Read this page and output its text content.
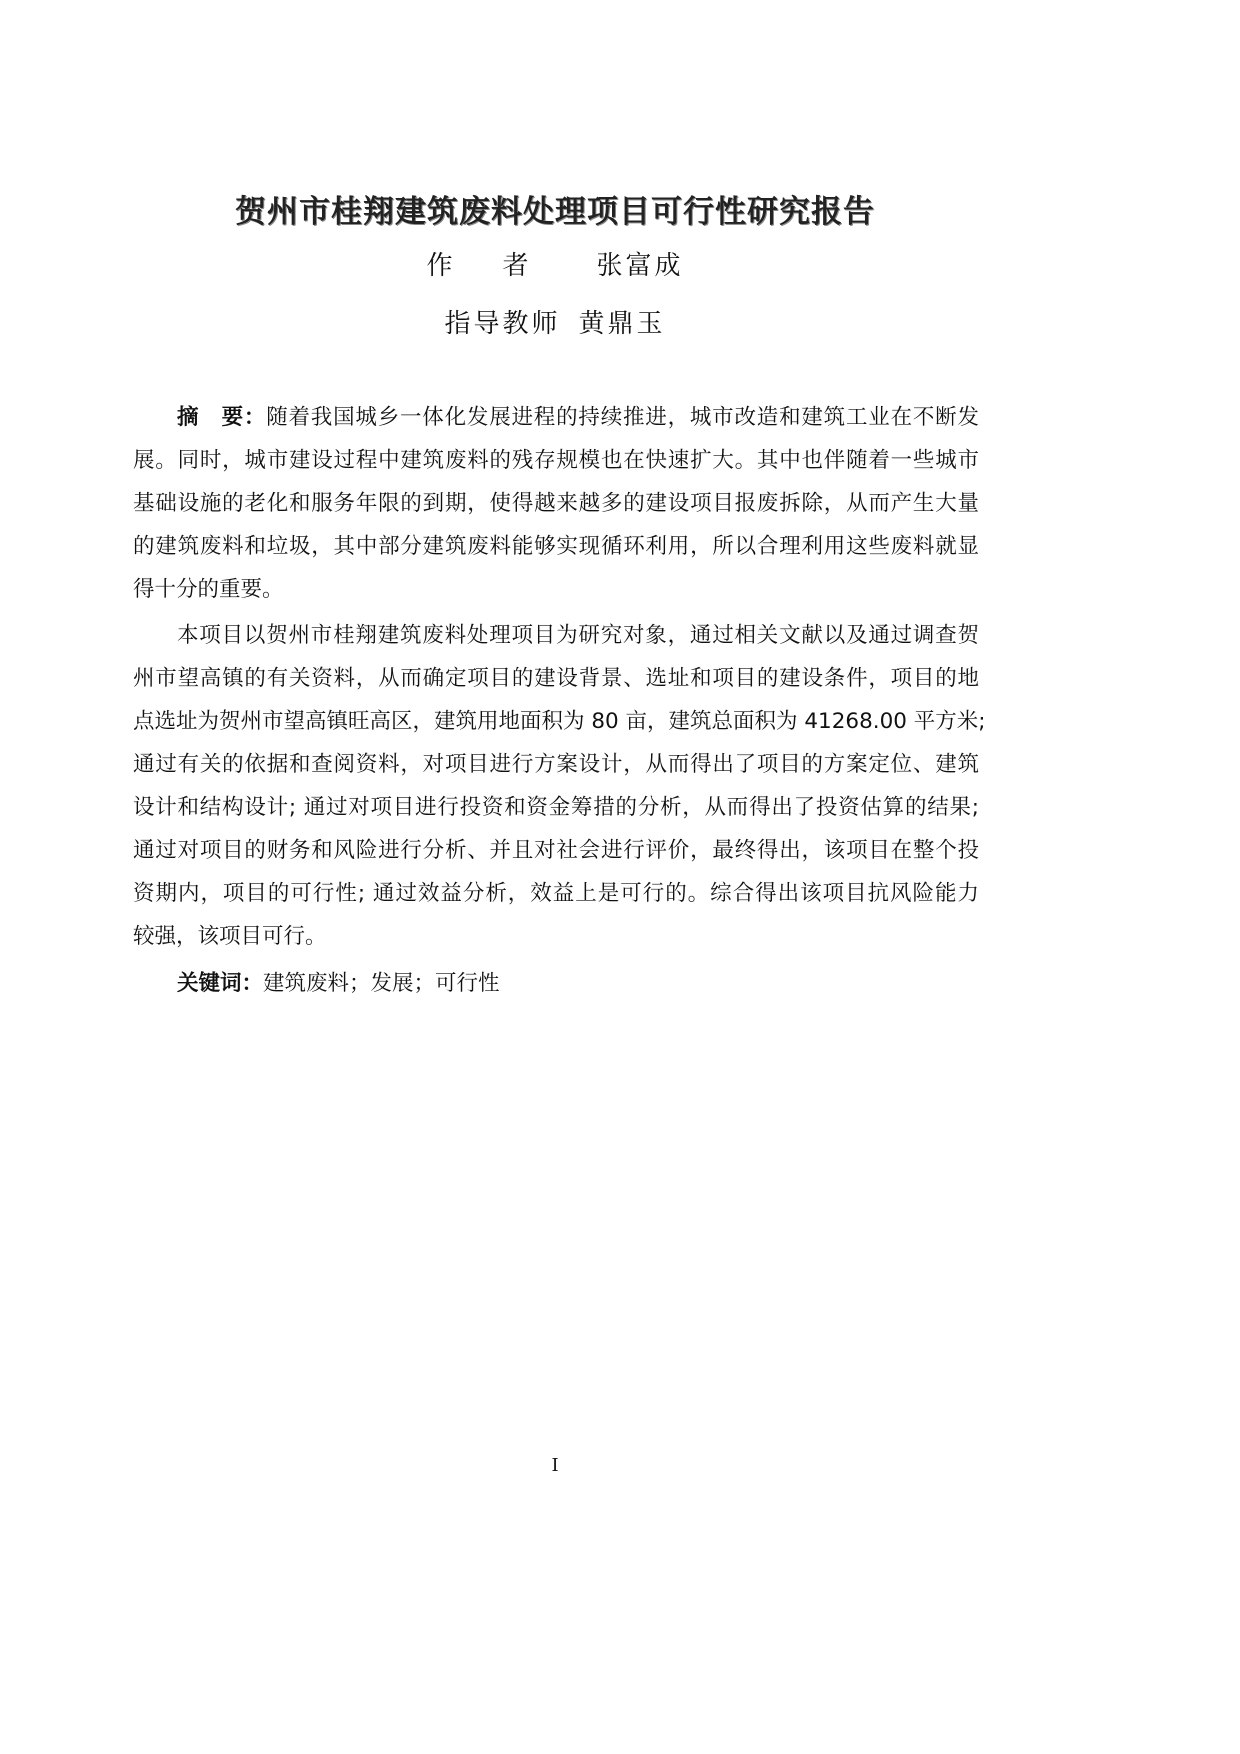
贺州市桂翔建筑废料处理项目可行性研究报告
作者 张富成
指导教师 黄鼎玉
摘　要：随着我国城乡一体化发展进程的持续推进，城市改造和建筑工业在不断发
展。同时，城市建设过程中建筑废料的残存规模也在快速扩大。其中也伴随着一些城市
基础设施的老化和服务年限的到期，使得越来越多的建设项目报废拆除，从而产生大量
的建筑废料和垃圾，其中部分建筑废料能够实现循环利用，所以合理利用这些废料就显
得十分的重要。
本项目以贺州市桂翔建筑废料处理项目为研究对象，通过相关文献以及通过调查贺
州市望高镇的有关资料，从而确定项目的建设背景、选址和项目的建设条件，项目的地
点选址为贺州市望高镇旺高区，建筑用地面积为 80 亩，建筑总面积为 41268.00 平方米;
通过有关的依据和查阅资料，对项目进行方案设计，从而得出了项目的方案定位、建筑
设计和结构设计; 通过对项目进行投资和资金筹措的分析，从而得出了投资估算的结果;
通过对项目的财务和风险进行分析、并且对社会进行评价，最终得出，该项目在整个投
资期内，项目的可行性; 通过效益分析，效益上是可行的。综合得出该项目抗风险能力
较强，该项目可行。
关键词：建筑废料；发展；可行性
I
